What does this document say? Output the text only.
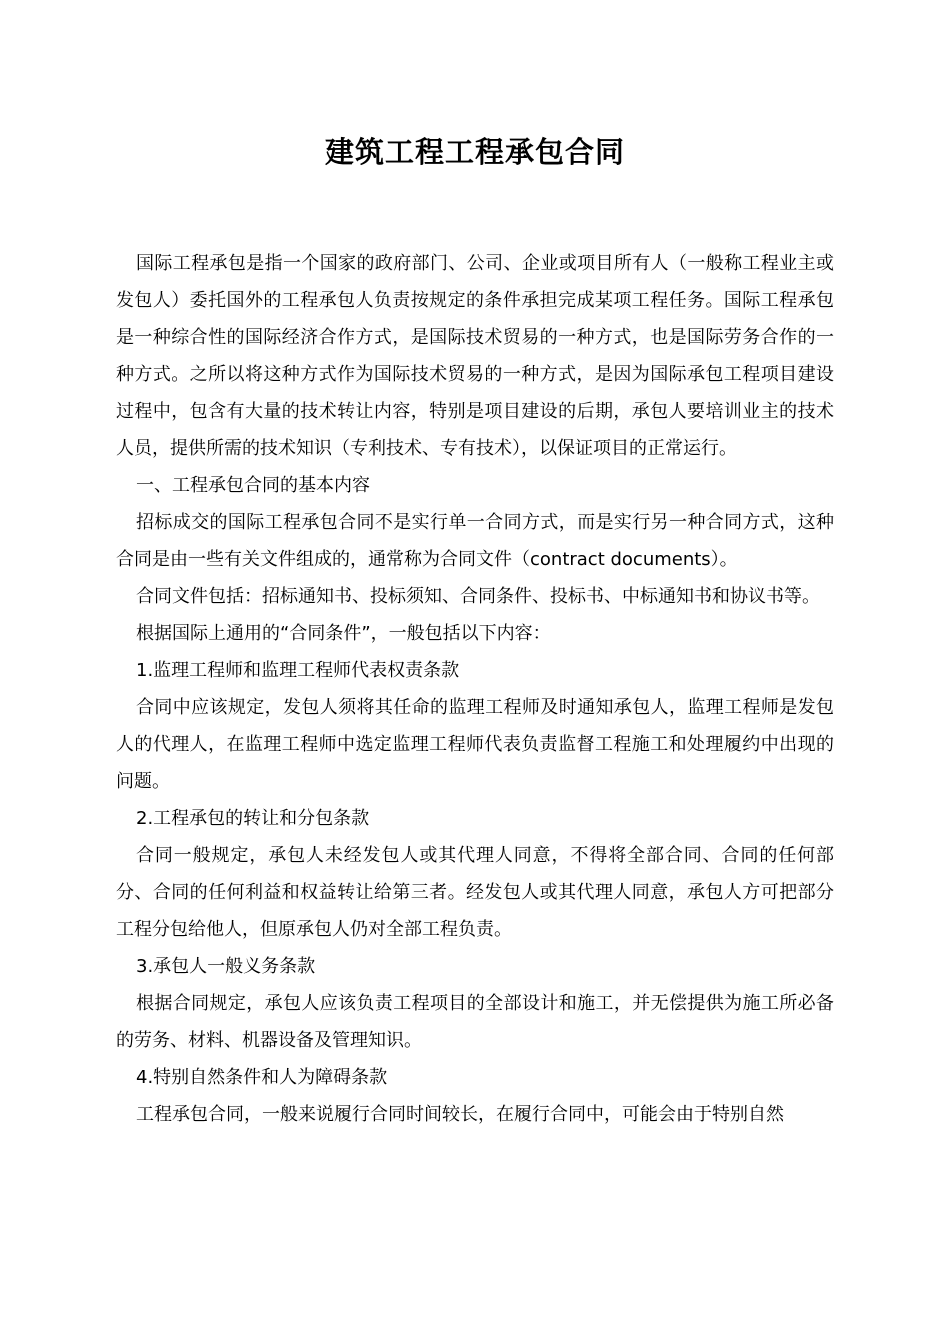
建筑工程工程承包合同

国际工程承包是指一个国家的政府部门、公司、企业或项目所有人（一般称工程业主或发包人）委托国外的工程承包人负责按规定的条件承担完成某项工程任务。国际工程承包是一种综合性的国际经济合作方式，是国际技术贸易的一种方式，也是国际劳务合作的一种方式。之所以将这种方式作为国际技术贸易的一种方式，是因为国际承包工程项目建设过程中，包含有大量的技术转让内容，特别是项目建设的后期，承包人要培训业主的技术人员，提供所需的技术知识（专利技术、专有技术），以保证项目的正常运行。

一、工程承包合同的基本内容

招标成交的国际工程承包合同不是实行单一合同方式，而是实行另一种合同方式，这种合同是由一些有关文件组成的，通常称为合同文件（contract documents）。

合同文件包括：招标通知书、投标须知、合同条件、投标书、中标通知书和协议书等。

根据国际上通用的“合同条件”，一般包括以下内容：

1.监理工程师和监理工程师代表权责条款

合同中应该规定，发包人须将其任命的监理工程师及时通知承包人，监理工程师是发包人的代理人，在监理工程师中选定监理工程师代表负责监督工程施工和处理履约中出现的问题。

2.工程承包的转让和分包条款

合同一般规定，承包人未经发包人或其代理人同意，不得将全部合同、合同的任何部分、合同的任何利益和权益转让给第三者。经发包人或其代理人同意，承包人方可把部分工程分包给他人，但原承包人仍对全部工程负责。

3.承包人一般义务条款

根据合同规定，承包人应该负责工程项目的全部设计和施工，并无偿提供为施工所必备的劳务、材料、机器设备及管理知识。

4.特别自然条件和人为障碍条款

工程承包合同，一般来说履行合同时间较长，在履行合同中，可能会由于特别自然
